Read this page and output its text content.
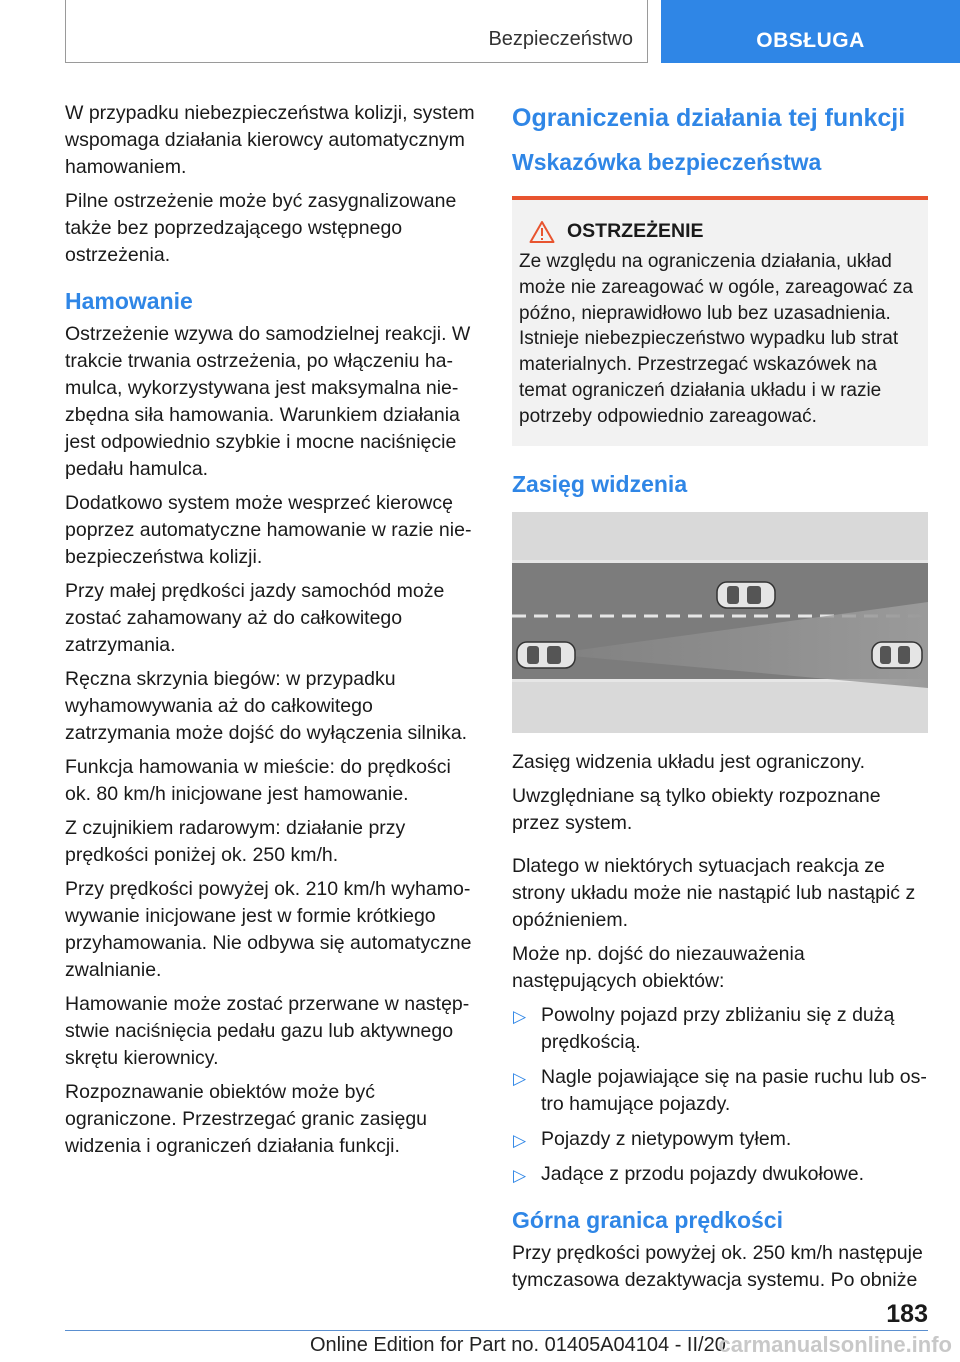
Bezpieczeństwo	OBSŁUGA

W przypadku niebezpieczeństwa kolizji, system wspomaga działania kierowcy automatycznym hamowaniem.

Pilne ostrzeżenie może być zasygnalizowane także bez poprzedzającego wstępnego ostrzeżenia.

Hamowanie

Ostrzeżenie wzywa do samodzielnej reakcji. W trakcie trwania ostrzeżenia, po włączeniu hamulca, wykorzystywana jest maksymalna niezbędna siła hamowania. Warunkiem działania jest odpowiednio szybkie i mocne naciśnięcie pedału hamulca.

Dodatkowo system może wesprzeć kierowcę poprzez automatyczne hamowanie w razie niebezpieczeństwa kolizji.

Przy małej prędkości jazdy samochód może zostać zahamowany aż do całkowitego zatrzymania.

Ręczna skrzynia biegów: w przypadku wyhamowywania aż do całkowitego zatrzymania może dojść do wyłączenia silnika.

Funkcja hamowania w mieście: do prędkości ok. 80 km/h inicjowane jest hamowanie.

Z czujnikiem radarowym: działanie przy prędkości poniżej ok. 250 km/h.

Przy prędkości powyżej ok. 210 km/h wyhamowywanie inicjowane jest w formie krótkiego przyhamowania. Nie odbywa się automatyczne zwalnianie.

Hamowanie może zostać przerwane w następstwie naciśnięcia pedału gazu lub aktywnego skrętu kierownicy.

Rozpoznawanie obiektów może być ograniczone. Przestrzegać granic zasięgu widzenia i ograniczeń działania funkcji.

Ograniczenia działania tej funkcji
Wskazówka bezpieczeństwa
OSTRZEŻENIE
Ze względu na ograniczenia działania, układ może nie zareagować w ogóle, zareagować za późno, nieprawidłowo lub bez uzasadnienia. Istnieje niebezpieczeństwo wypadku lub strat materialnych. Przestrzegać wskazówek na temat ograniczeń działania układu i w razie potrzeby odpowiednio zareagować.
Zasięg widzenia

Zasięg widzenia układu jest ograniczony.

Uwzględniane są tylko obiekty rozpoznane przez system.

Dlatego w niektórych sytuacjach reakcja ze strony układu może nie nastąpić lub nastąpić z opóźnieniem.

Może np. dojść do niezauważenia następujących obiektów:

▷ Powolny pojazd przy zbliżaniu się z dużą prędkością.
▷ Nagle pojawiające się na pasie ruchu lub ostro hamujące pojazdy.
▷ Pojazdy z nietypowym tyłem.
▷ Jadące z przodu pojazdy dwukołowe.
Górna granica prędkości

Przy prędkości powyżej ok. 250 km/h następuje tymczasowa dezaktywacja systemu. Po obniże

183
Online Edition for Part no. 01405A04104 - II/20
carmanualsonline.info
